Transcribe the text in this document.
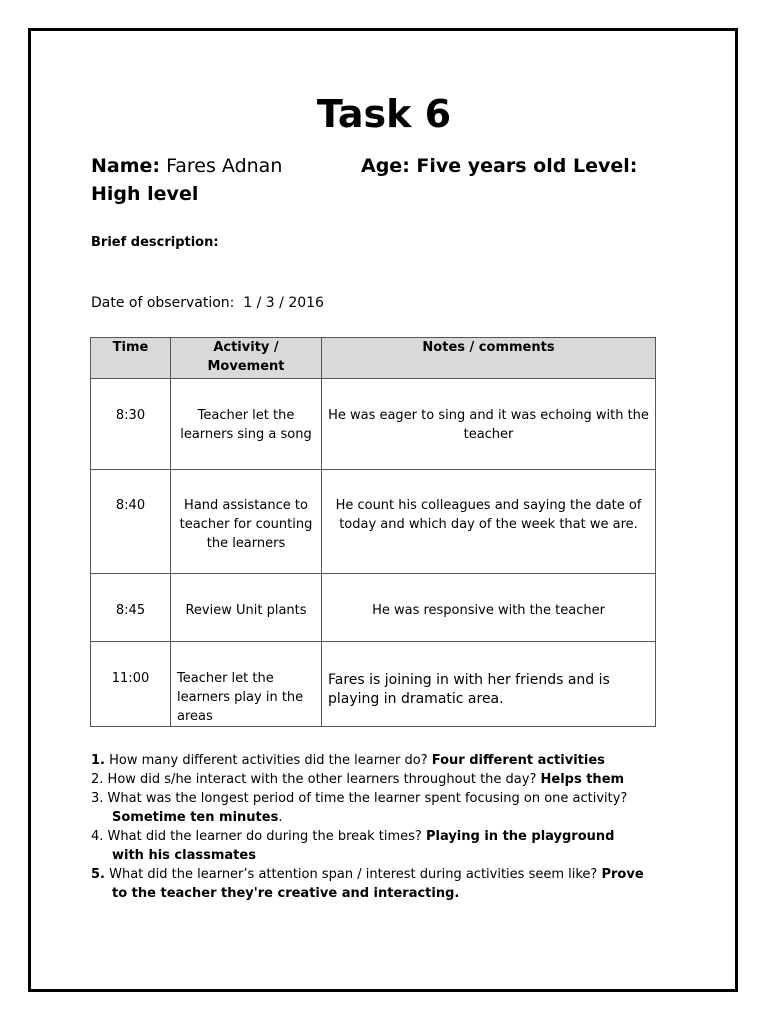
Task 6
Name: Fares Adnan	Age: Five years old Level:
High level
Brief description:
Date of observation: 1 / 3 / 2016
Time	Activity / Movement	Notes / comments
8:30	Teacher let the learners sing a song	He was eager to sing and it was echoing with the teacher
8:40	Hand assistance to teacher for counting the learners	He count his colleagues and saying the date of today and which day of the week that we are.
8:45	Review Unit plants	He was responsive with the teacher
11:00	Teacher let the learners play in the areas	Fares is joining in with her friends and is playing in dramatic area.

1. How many different activities did the learner do? Four different activities

2. How did s/he interact with the other learners throughout the day? Helps them

3. What was the longest period of time the learner spent focusing on one activity?

Sometime ten minutes.

4. What did the learner do during the break times? Playing in the playground

with his classmates

5. What did the learner’s attention span / interest during activities seem like? Prove

to the teacher they're creative and interacting.
